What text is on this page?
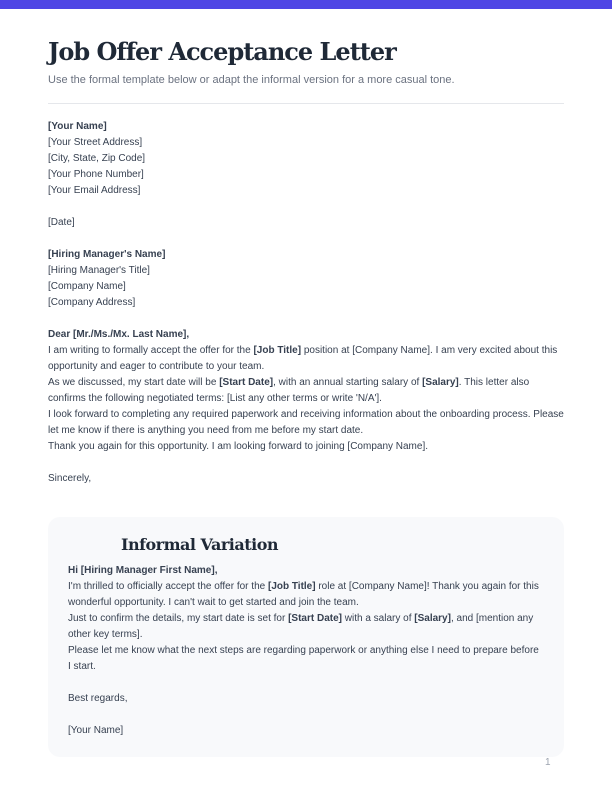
Job Offer Acceptance Letter

Use the formal template below or adapt the informal version for a more casual tone.

[Your Name]
[Your Street Address]
[City, State, Zip Code]
[Your Phone Number]
[Your Email Address]
[Date]
[Hiring Manager's Name]
[Hiring Manager's Title]
[Company Name]
[Company Address]
Dear [Mr./Ms./Mx. Last Name],

I am writing to formally accept the offer for the [Job Title] position at [Company Name]. I am very excited about this opportunity and eager to contribute to your team.

As we discussed, my start date will be [Start Date], with an annual starting salary of [Salary]. This letter also confirms the following negotiated terms: [List any other terms or write 'N/A'].

I look forward to completing any required paperwork and receiving information about the onboarding process. Please let me know if there is anything you need from me before my start date.

Thank you again for this opportunity. I am looking forward to joining [Company Name].

Sincerely,
Informal Variation
Hi [Hiring Manager First Name],

I'm thrilled to officially accept the offer for the [Job Title] role at [Company Name]! Thank you again for this wonderful opportunity. I can't wait to get started and join the team.

Just to confirm the details, my start date is set for [Start Date] with a salary of [Salary], and [mention any other key terms].

Please let me know what the next steps are regarding paperwork or anything else I need to prepare before I start.

Best regards,
[Your Name]
1
